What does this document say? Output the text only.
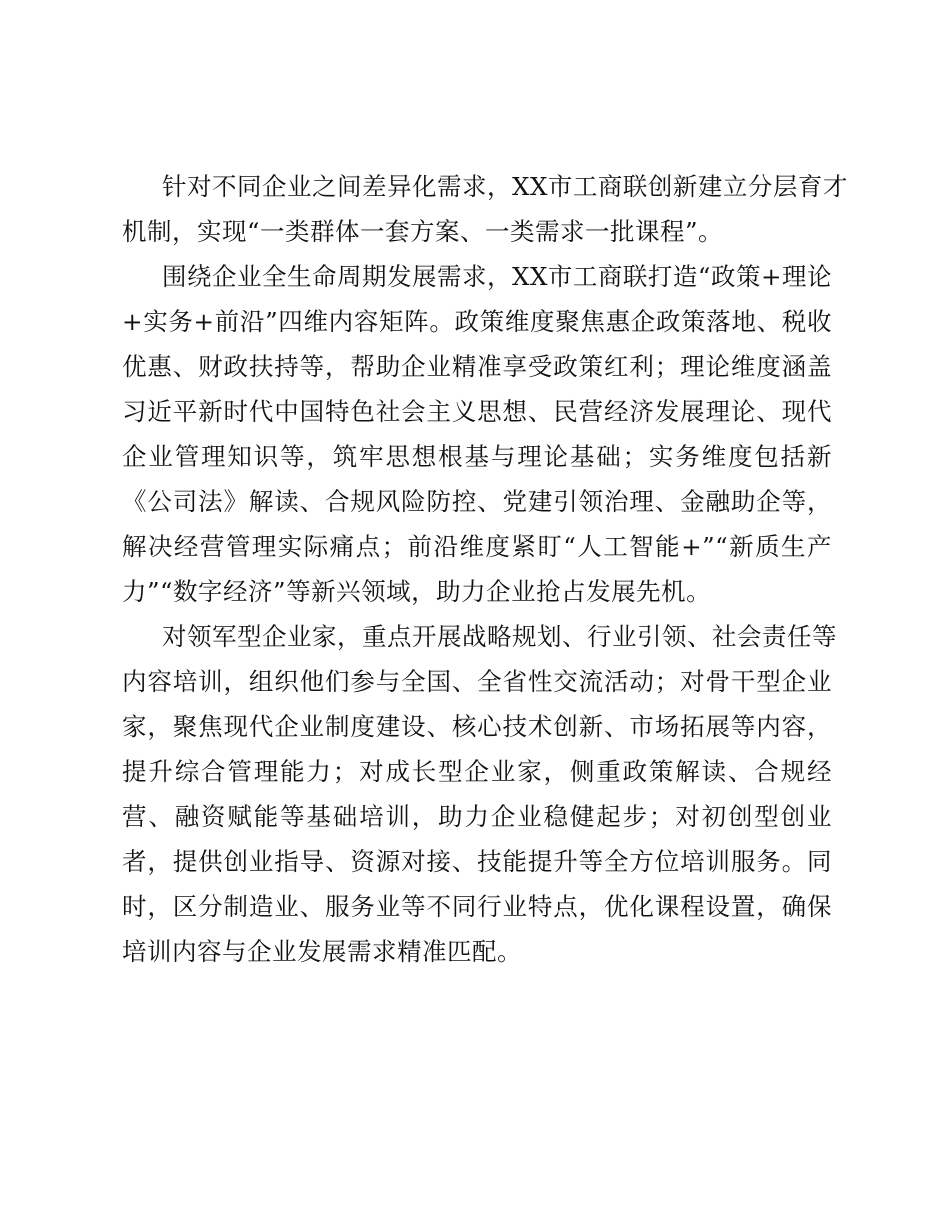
针对不同企业之间差异化需求，XX市工商联创新建立分层育才
机制，实现“一类群体一套方案、一类需求一批课程”。
围绕企业全生命周期发展需求，XX市工商联打造“政策+理论
+实务+前沿”四维内容矩阵。政策维度聚焦惠企政策落地、税收
优惠、财政扶持等，帮助企业精准享受政策红利；理论维度涵盖
习近平新时代中国特色社会主义思想、民营经济发展理论、现代
企业管理知识等，筑牢思想根基与理论基础；实务维度包括新
《公司法》解读、合规风险防控、党建引领治理、金融助企等，
解决经营管理实际痛点；前沿维度紧盯“人工智能+”“新质生产
力”“数字经济”等新兴领域，助力企业抢占发展先机。
对领军型企业家，重点开展战略规划、行业引领、社会责任等
内容培训，组织他们参与全国、全省性交流活动；对骨干型企业
家，聚焦现代企业制度建设、核心技术创新、市场拓展等内容，
提升综合管理能力；对成长型企业家，侧重政策解读、合规经
营、融资赋能等基础培训，助力企业稳健起步；对初创型创业
者，提供创业指导、资源对接、技能提升等全方位培训服务。同
时，区分制造业、服务业等不同行业特点，优化课程设置，确保
培训内容与企业发展需求精准匹配。
